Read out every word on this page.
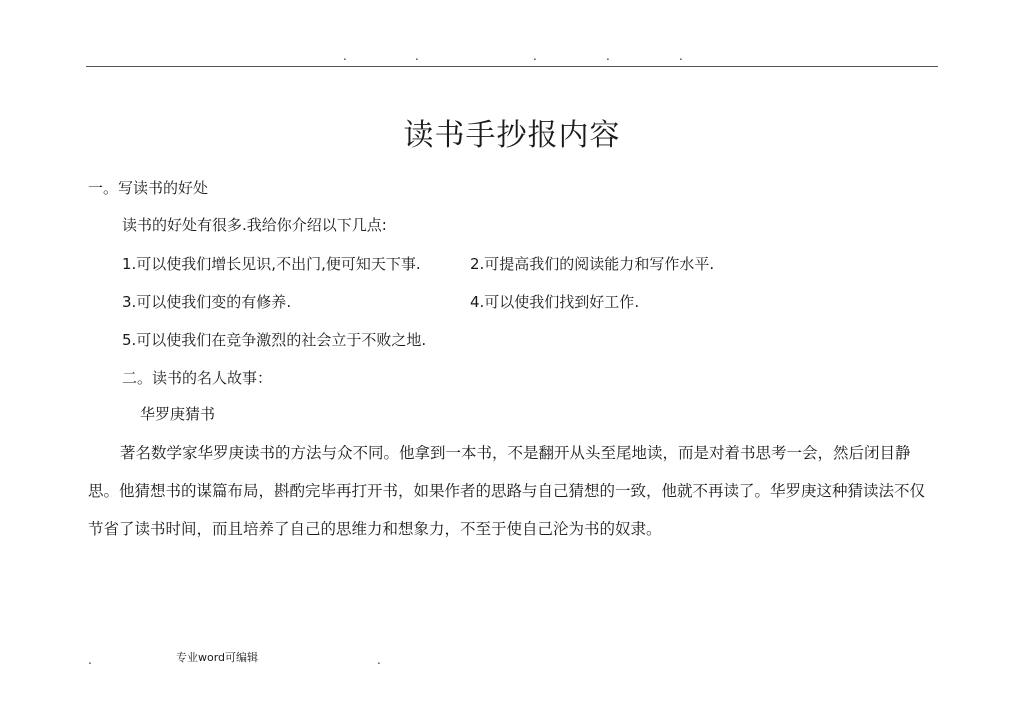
.	.	.	.	.
读书手抄报内容
一。写读书的好处
读书的好处有很多.我给你介绍以下几点:
1.可以使我们增长见识,不出门,便可知天下事.	2.可提高我们的阅读能力和写作水平.
3.可以使我们变的有修养.	4.可以使我们找到好工作.
5.可以使我们在竞争激烈的社会立于不败之地.
二。读书的名人故事：
华罗庚猜书
著名数学家华罗庚读书的方法与众不同。他拿到一本书，不是翻开从头至尾地读，而是对着书思考一会，然后闭目静思。他猜想书的谋篇布局，斟酌完毕再打开书，如果作者的思路与自己猜想的一致，他就不再读了。华罗庚这种猜读法不仅节省了读书时间，而且培养了自己的思维力和想象力，不至于使自己沦为书的奴隶。
.	专业word可编辑	.
